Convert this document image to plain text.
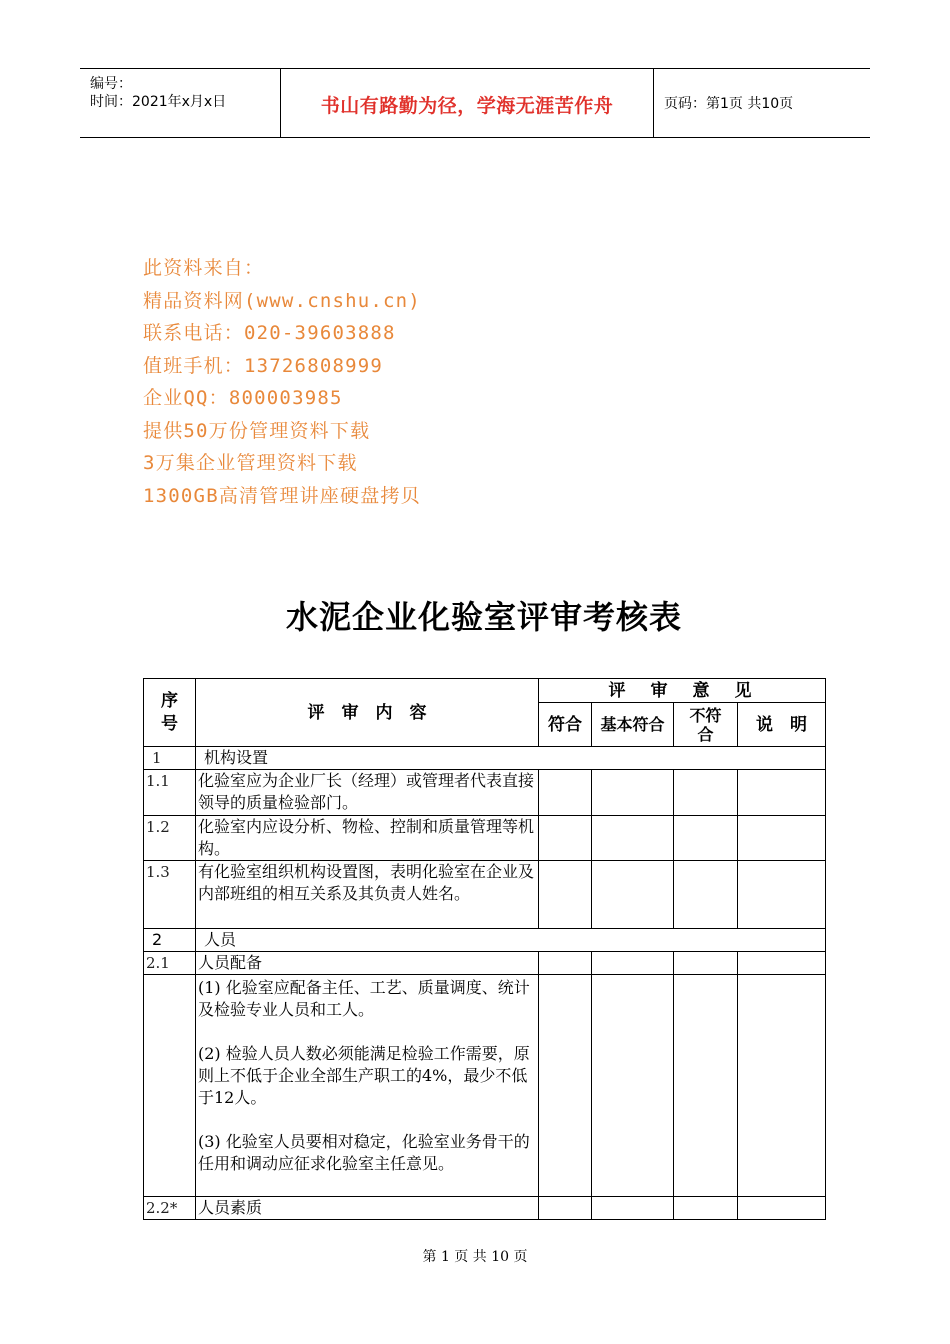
编号：
时间：2021年x月x日	书山有路勤为径，学海无涯苦作舟	页码：第1页 共10页
此资料来自：
精品资料网(www.cnshu.cn)
联系电话：020-39603888
值班手机：13726808999
企业QQ：800003985
提供50万份管理资料下载
3万集企业管理资料下载
1300GB高清管理讲座硬盘拷贝
水泥企业化验室评审考核表
序号	评　审　内　容	评　审　意　见			
		符合	基本符合	不符合	说　明
1	机构设置				
1.1	化验室应为企业厂长（经理）或管理者代表直接领导的质量检验部门。				
1.2	化验室内应设分析、物检、控制和质量管理等机构。				
1.3	有化验室组织机构设置图，表明化验室在企业及内部班组的相互关系及其负责人姓名。				
2	人员				
2.1	人员配备				

	(1) 化验室应配备主任、工艺、质量调度、统计及检验专业人员和工人。

(2) 检验人员人数必须能满足检验工作需要，原则上不低于企业全部生产职工的4%，最少不低于12人。

(3) 化验室人员要相对稳定，化验室业务骨干的任用和调动应征求化验室主任意见。				

2.2*	人员素质				
第 1 页 共 10 页
